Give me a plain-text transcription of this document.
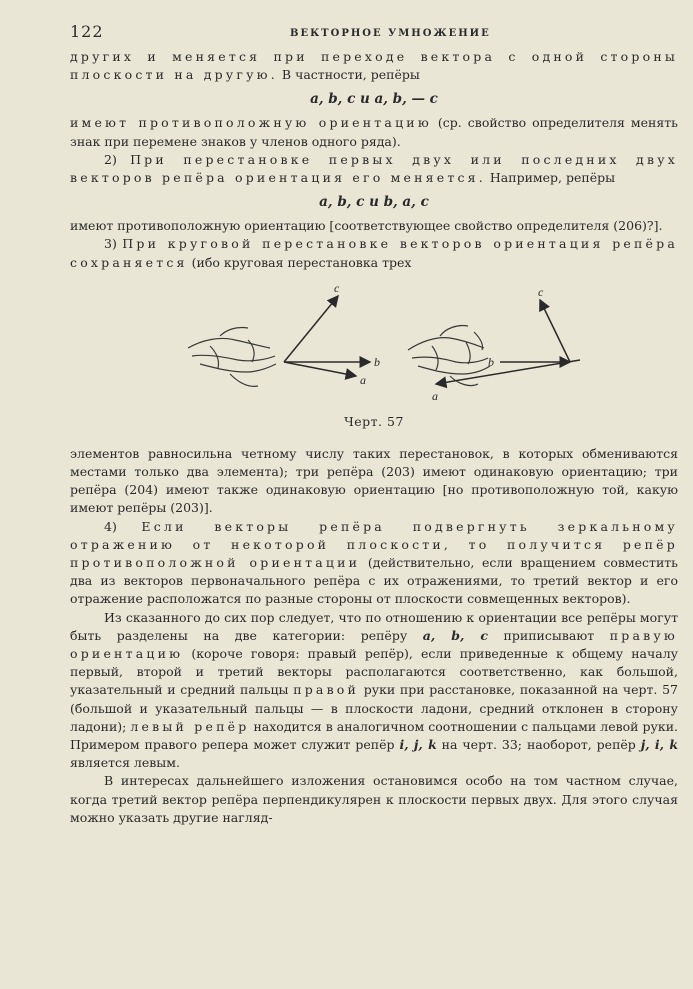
122	ВЕКТОРНОЕ УМНОЖЕНИЕ

других и меняется при переходе вектора с одной стороны плоскости на другую. В частности, репёры

a, b, c и a, b, — c

имеют противоположную ориентацию (ср. свойство определителя менять знак при перемене знаков у членов одного ряда).

2) При перестановке первых двух или последних двух векторов репёра ориентация его меняется. Например, репёры

a, b, c и b, a, c

имеют противоположную ориентацию [соответствующее свойство определителя (206)?].

3) При круговой перестановке векторов ориентация репёра сохраняется (ибо круговая перестановка трех

c
b
a
c
b
a
Черт. 57

элементов равносильна четному числу таких перестановок, в которых обмениваются местами только два элемента); три репёра (203) имеют одинаковую ориентацию; три репёра (204) имеют также одинаковую ориентацию [но противоположную той, какую имеют репёры (203)].

4) Если векторы репёра подвергнуть зеркальному отражению от некоторой плоскости, то получится репёр противоположной ориентации (действительно, если вращением совместить два из векторов первоначального репёра с их отражениями, то третий вектор и его отражение расположатся по разные стороны от плоскости совмещенных векторов).

Из сказанного до сих пор следует, что по отношению к ориентации все репёры могут быть разделены на две категории: репёру a, b, c приписывают правую ориентацию (короче говоря: правый репёр), если приведенные к общему началу первый, второй и третий векторы располагаются соответственно, как большой, указательный и средний пальцы правой руки при расстановке, показанной на черт. 57 (большой и указательный пальцы — в плоскости ладони, средний отклонен в сторону ладони); левый репёр находится в аналогичном соотношении с пальцами левой руки. Примером правого репера может служит репёр i, j, k на черт. 33; наоборот, репёр j, i, k является левым.

В интересах дальнейшего изложения остановимся особо на том частном случае, когда третий вектор репёра перпендикулярен к плоскости первых двух. Для этого случая можно указать другие нагляд-
